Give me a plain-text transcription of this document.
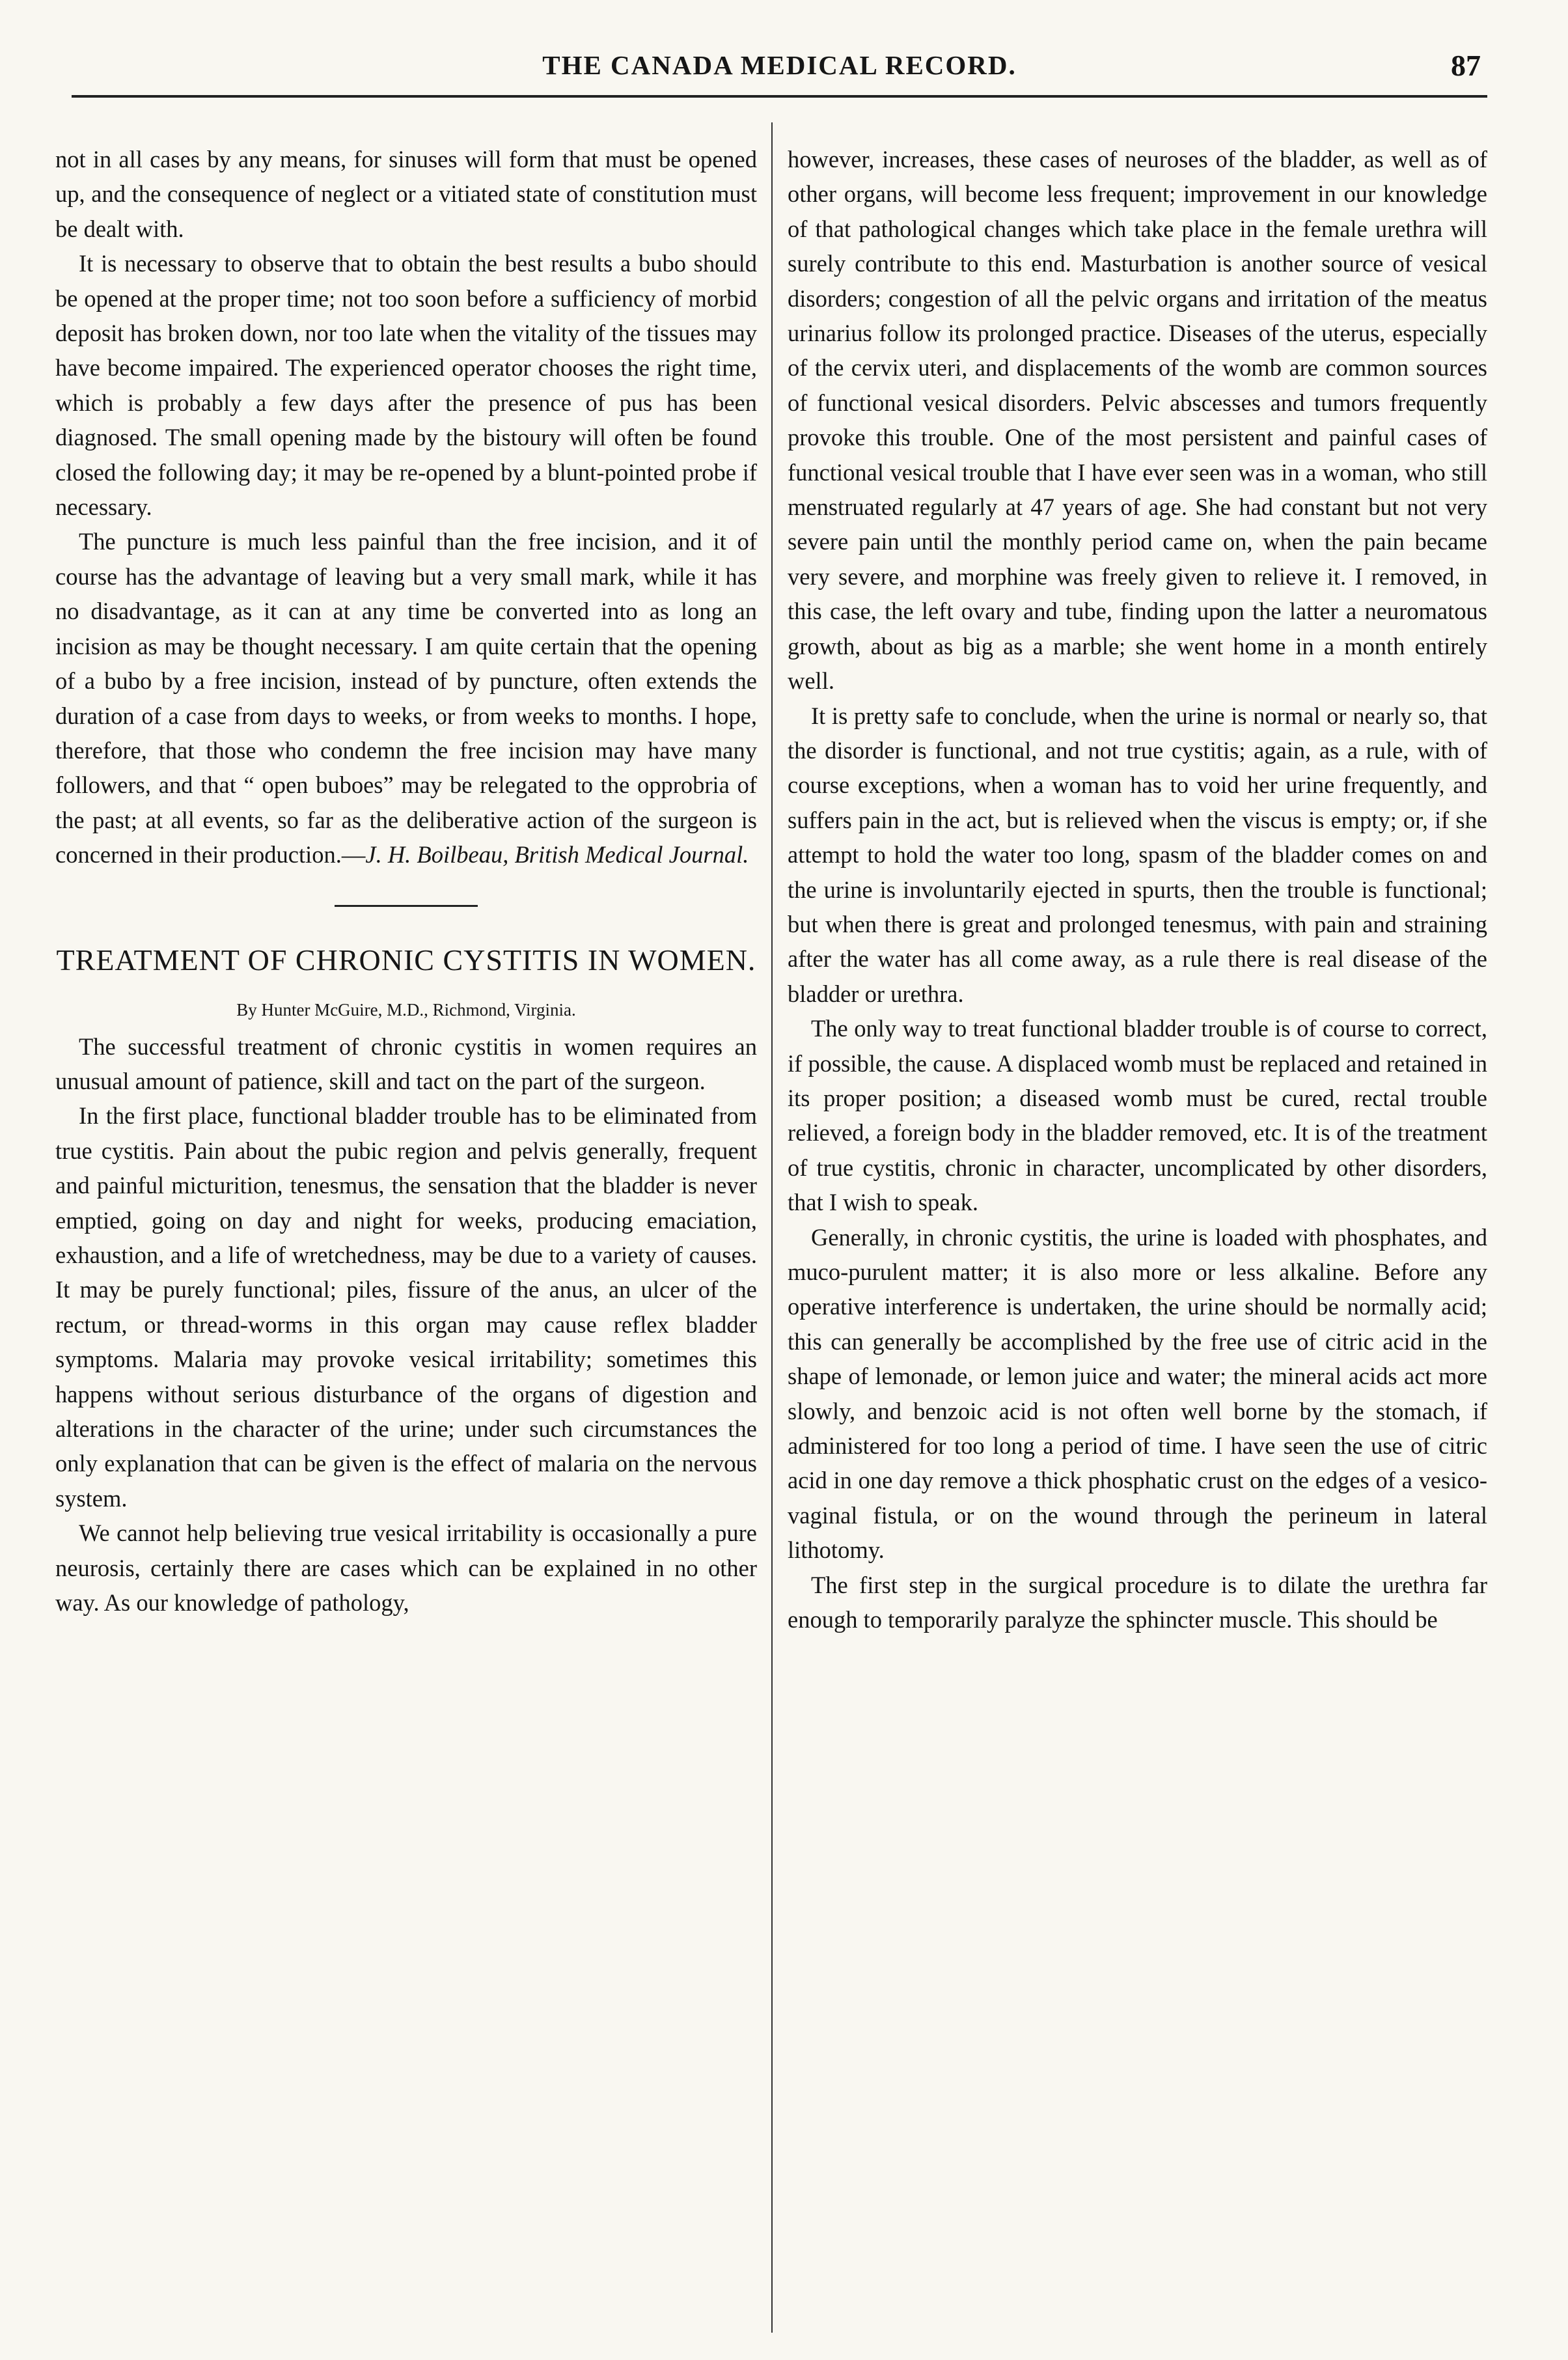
THE CANADA MEDICAL RECORD.	87

not in all cases by any means, for sinuses will form that must be opened up, and the consequence of neglect or a vitiated state of constitution must be dealt with.

It is necessary to observe that to obtain the best results a bubo should be opened at the proper time; not too soon before a sufficiency of morbid deposit has broken down, nor too late when the vitality of the tissues may have become impaired. The experienced operator chooses the right time, which is probably a few days after the presence of pus has been diagnosed. The small opening made by the bistoury will often be found closed the following day; it may be re-opened by a blunt-pointed probe if necessary.

The puncture is much less painful than the free incision, and it of course has the advantage of leaving but a very small mark, while it has no disadvantage, as it can at any time be converted into as long an incision as may be thought necessary. I am quite certain that the opening of a bubo by a free incision, instead of by puncture, often extends the duration of a case from days to weeks, or from weeks to months. I hope, therefore, that those who condemn the free incision may have many followers, and that “ open buboes” may be relegated to the opprobria of the past; at all events, so far as the deliberative action of the surgeon is concerned in their production.—J. H. Boilbeau, British Medical Journal.

TREATMENT OF CHRONIC CYSTITIS IN WOMEN.
By Hunter McGuire, M.D., Richmond, Virginia.

The successful treatment of chronic cystitis in women requires an unusual amount of patience, skill and tact on the part of the surgeon.

In the first place, functional bladder trouble has to be eliminated from true cystitis. Pain about the pubic region and pelvis generally, frequent and painful micturition, tenesmus, the sensation that the bladder is never emptied, going on day and night for weeks, producing emaciation, exhaustion, and a life of wretchedness, may be due to a variety of causes. It may be purely functional; piles, fissure of the anus, an ulcer of the rectum, or thread-worms in this organ may cause reflex bladder symptoms. Malaria may provoke vesical irritability; sometimes this happens without serious disturbance of the organs of digestion and alterations in the character of the urine; under such circumstances the only explanation that can be given is the effect of malaria on the nervous system.

We cannot help believing true vesical irritability is occasionally a pure neurosis, certainly there are cases which can be explained in no other way. As our knowledge of pathology,

however, increases, these cases of neuroses of the bladder, as well as of other organs, will become less frequent; improvement in our knowledge of that pathological changes which take place in the female urethra will surely contribute to this end. Masturbation is another source of vesical disorders; congestion of all the pelvic organs and irritation of the meatus urinarius follow its prolonged practice. Diseases of the uterus, especially of the cervix uteri, and displacements of the womb are common sources of functional vesical disorders. Pelvic abscesses and tumors frequently provoke this trouble. One of the most persistent and painful cases of functional vesical trouble that I have ever seen was in a woman, who still menstruated regularly at 47 years of age. She had constant but not very severe pain until the monthly period came on, when the pain became very severe, and morphine was freely given to relieve it. I removed, in this case, the left ovary and tube, finding upon the latter a neuromatous growth, about as big as a marble; she went home in a month entirely well.

It is pretty safe to conclude, when the urine is normal or nearly so, that the disorder is functional, and not true cystitis; again, as a rule, with of course exceptions, when a woman has to void her urine frequently, and suffers pain in the act, but is relieved when the viscus is empty; or, if she attempt to hold the water too long, spasm of the bladder comes on and the urine is involuntarily ejected in spurts, then the trouble is functional; but when there is great and prolonged tenesmus, with pain and straining after the water has all come away, as a rule there is real disease of the bladder or urethra.

The only way to treat functional bladder trouble is of course to correct, if possible, the cause. A displaced womb must be replaced and retained in its proper position; a diseased womb must be cured, rectal trouble relieved, a foreign body in the bladder removed, etc. It is of the treatment of true cystitis, chronic in character, uncomplicated by other disorders, that I wish to speak.

Generally, in chronic cystitis, the urine is loaded with phosphates, and muco-purulent matter; it is also more or less alkaline. Before any operative interference is undertaken, the urine should be normally acid; this can generally be accomplished by the free use of citric acid in the shape of lemonade, or lemon juice and water; the mineral acids act more slowly, and benzoic acid is not often well borne by the stomach, if administered for too long a period of time. I have seen the use of citric acid in one day remove a thick phosphatic crust on the edges of a vesico-vaginal fistula, or on the wound through the perineum in lateral lithotomy.

The first step in the surgical procedure is to dilate the urethra far enough to temporarily paralyze the sphincter muscle. This should be
